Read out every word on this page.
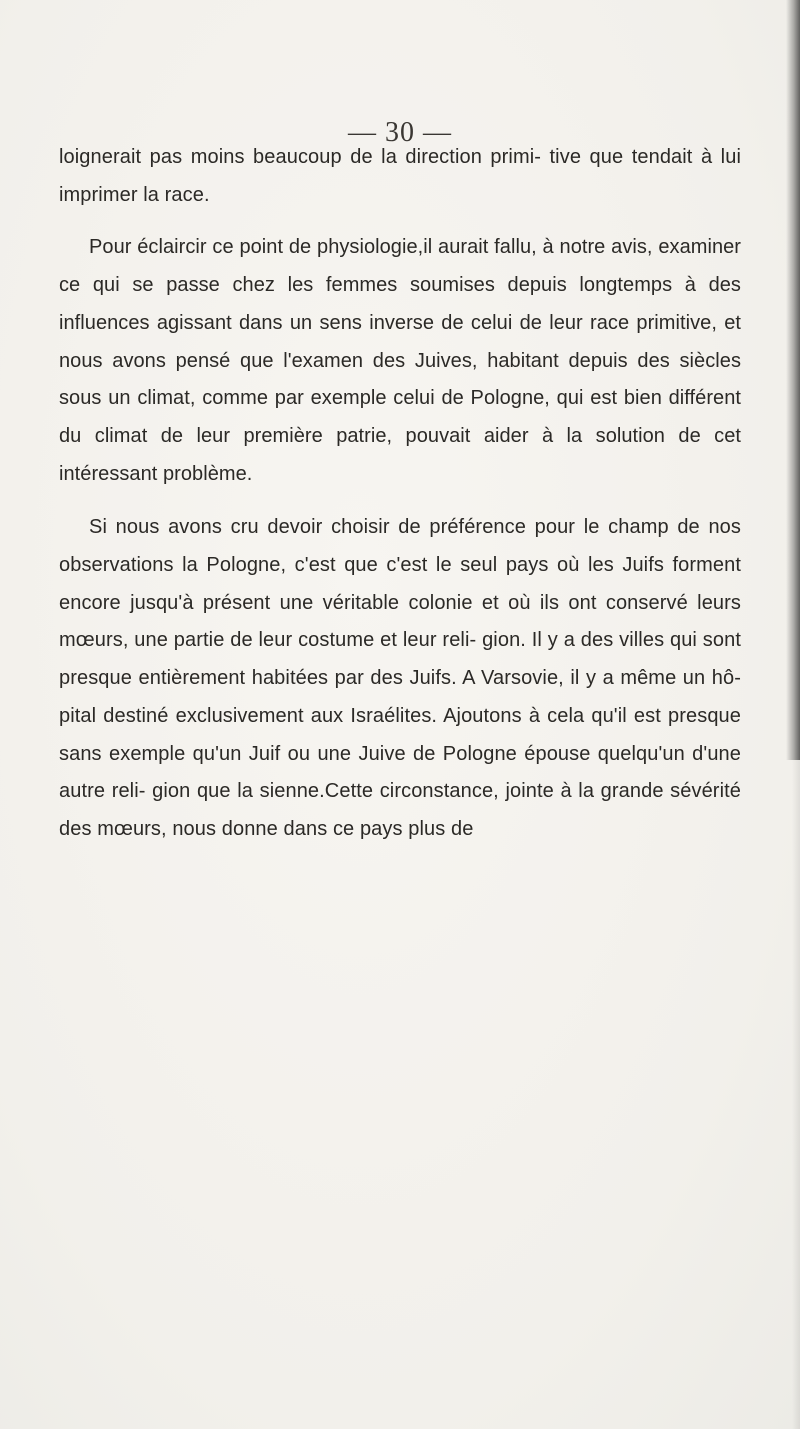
— 30 —

loignerait pas moins beaucoup de la direction primi- tive que tendait à lui imprimer la race.

Pour éclaircir ce point de physiologie,il aurait fallu, à notre avis, examiner ce qui se passe chez les femmes soumises depuis longtemps à des influences agissant dans un sens inverse de celui de leur race primitive, et nous avons pensé que l'examen des Juives, habitant depuis des siècles sous un climat, comme par exemple celui de Pologne, qui est bien différent du climat de leur première patrie, pouvait aider à la solution de cet intéressant problème.

Si nous avons cru devoir choisir de préférence pour le champ de nos observations la Pologne, c'est que c'est le seul pays où les Juifs forment encore jusqu'à présent une véritable colonie et où ils ont conservé leurs mœurs, une partie de leur costume et leur reli- gion. Il y a des villes qui sont presque entièrement habitées par des Juifs. A Varsovie, il y a même un hô- pital destiné exclusivement aux Israélites. Ajoutons à cela qu'il est presque sans exemple qu'un Juif ou une Juive de Pologne épouse quelqu'un d'une autre reli- gion que la sienne.Cette circonstance, jointe à la grande sévérité des mœurs, nous donne dans ce pays plus de
